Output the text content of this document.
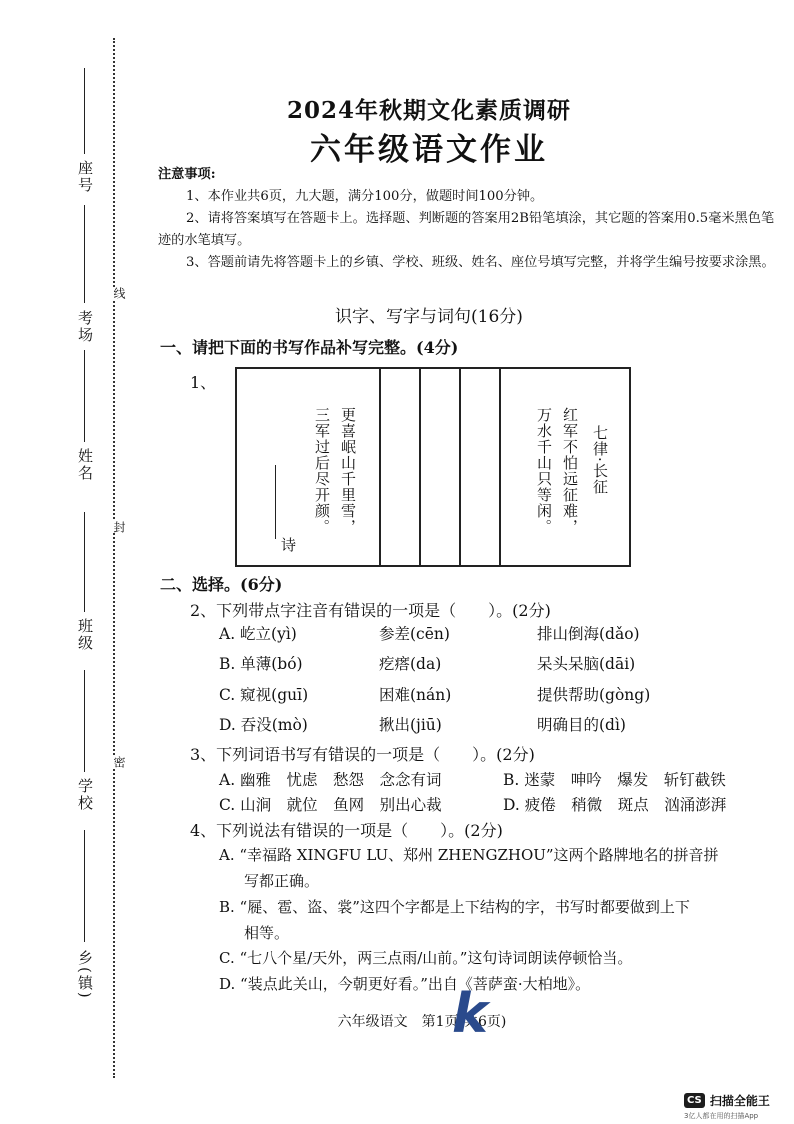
座号
考场
姓名
班级
学校
乡(镇)
线
封
密
2024年秋期文化素质调研
六年级语文作业

注意事项:

1、本作业共6页，九大题，满分100分，做题时间100分钟。

2、请将答案填写在答题卡上。选择题、判断题的答案用2B铅笔填涂，其它题的答案用0.5毫米黑色笔迹的水笔填写。

3、答题前请先将答题卡上的乡镇、学校、班级、姓名、座位号填写完整，并将学生编号按要求涂黑。

识字、写字与词句(16分)
一、请把下面的书写作品补写完整。(4分)
1、
七律·长征
红军不怕远征难，
万水千山只等闲。
更喜岷山千里雪，
三军过后尽开颜。
诗
二、选择。(6分)
2、下列带点字注音有错误的一项是（　　）。(2分)
A. 屹立(yì)	参差(cēn)	排山倒海(dǎo)
B. 单薄(bó)	疙瘩(da)	呆头呆脑(dāi)
C. 窥视(guī)	困难(nán)	提供帮助(gòng)
D. 吞没(mò)	揪出(jiū)	明确目的(dì)
3、下列词语书写有错误的一项是（　　）。(2分)
A. 幽雅　忧虑　愁怨　念念有词	B. 迷蒙　呻吟　爆发　斩钉截铁
C. 山涧　就位　鱼网　别出心裁	D. 疲倦　稍微　斑点　汹涌澎湃
4、下列说法有错误的一项是（　　）。(2分)
A. “幸福路 XINGFU LU、郑州 ZHENGZHOU”这两个路牌地名的拼音拼
写都正确。
B. “屣、雹、盗、裳”这四个字都是上下结构的字，书写时都要做到上下
相等。
C. “七八个星/天外，两三点雨/山前。”这句诗词朗读停顿恰当。
D. “装点此关山，今朝更好看。”出自《菩萨蛮·大柏地》。
六年级语文　第1页(共6页)
k
CS 扫描全能王
3亿人都在用的扫描App
